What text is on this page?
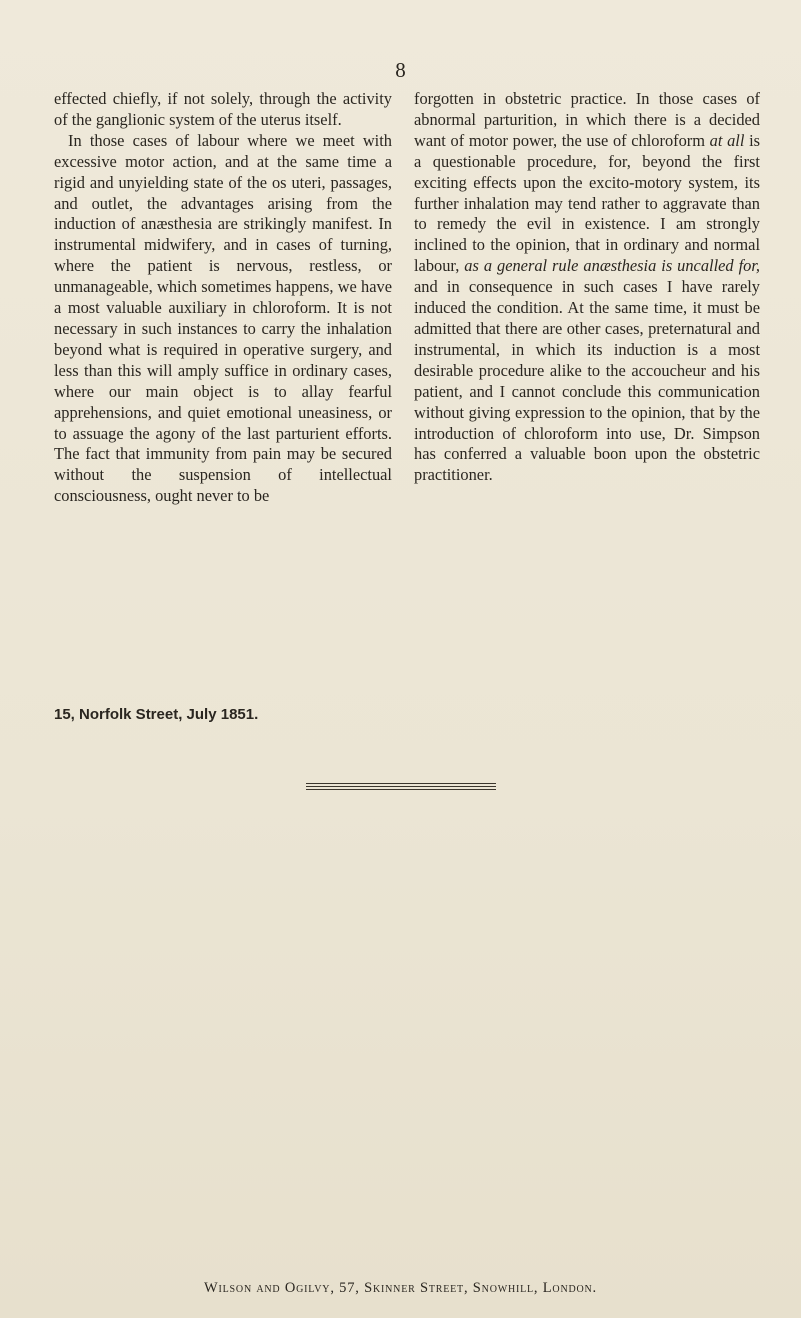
8

effected chiefly, if not solely, through the activity of the ganglionic system of the uterus itself.

In those cases of labour where we meet with excessive motor action, and at the same time a rigid and unyielding state of the os uteri, passages, and outlet, the advantages arising from the induction of anæsthesia are strikingly manifest. In instrumental midwifery, and in cases of turning, where the patient is nervous, restless, or unmanageable, which sometimes happens, we have a most valuable auxiliary in chloroform. It is not necessary in such instances to carry the inhalation beyond what is required in operative surgery, and less than this will amply suffice in ordinary cases, where our main object is to allay fearful apprehensions, and quiet emotional uneasiness, or to assuage the agony of the last parturient efforts. The fact that immunity from pain may be secured without the suspension of intellectual consciousness, ought never to be

forgotten in obstetric practice. In those cases of abnormal parturition, in which there is a decided want of motor power, the use of chloroform at all is a questionable procedure, for, beyond the first exciting effects upon the excito-motory system, its further inhalation may tend rather to aggravate than to remedy the evil in existence. I am strongly inclined to the opinion, that in ordinary and normal labour, as a general rule anæsthesia is uncalled for, and in consequence in such cases I have rarely induced the condition. At the same time, it must be admitted that there are other cases, preternatural and instrumental, in which its induction is a most desirable procedure alike to the accoucheur and his patient, and I cannot conclude this communication without giving expression to the opinion, that by the introduction of chloroform into use, Dr. Simpson has conferred a valuable boon upon the obstetric practitioner.

15, Norfolk Street, July 1851.
Wilson and Ogilvy, 57, Skinner Street, Snowhill, London.
